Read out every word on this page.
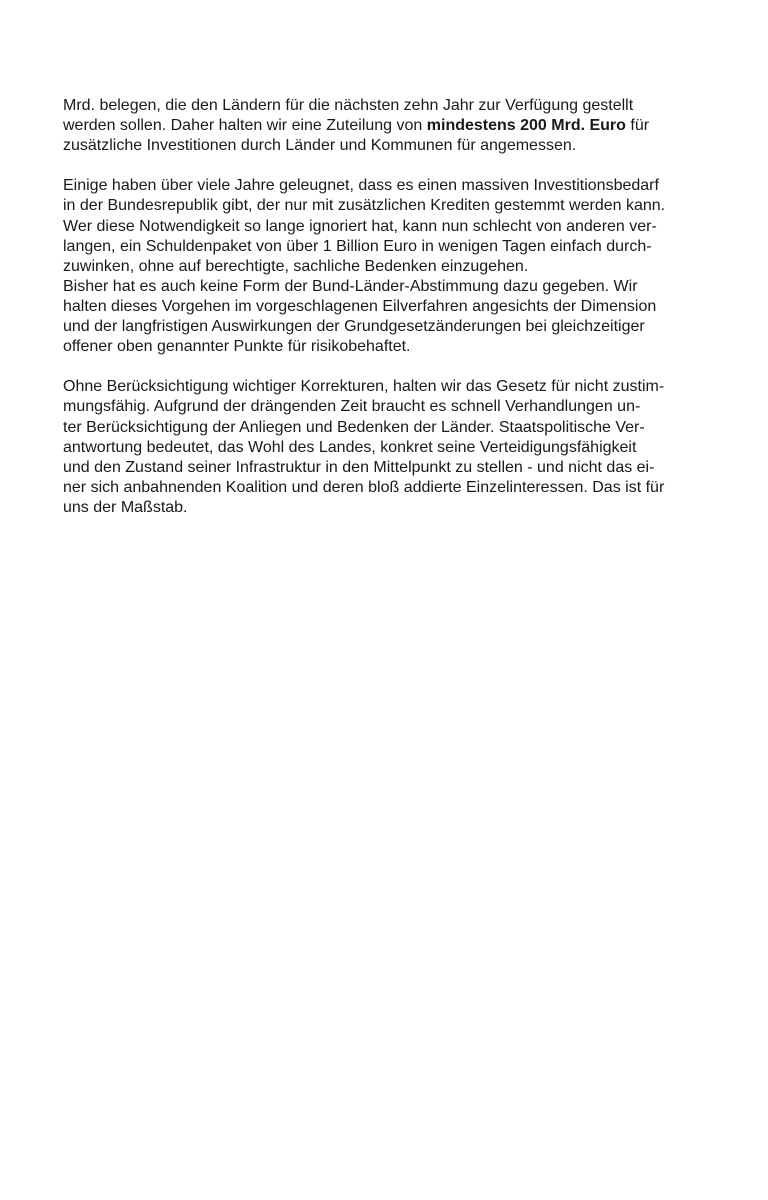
Mrd. belegen, die den Ländern für die nächsten zehn Jahr zur Verfügung gestellt
werden sollen. Daher halten wir eine Zuteilung von mindestens 200 Mrd. Euro für
zusätzliche Investitionen durch Länder und Kommunen für angemessen.

Einige haben über viele Jahre geleugnet, dass es einen massiven Investitionsbedarf
in der Bundesrepublik gibt, der nur mit zusätzlichen Krediten gestemmt werden kann.
Wer diese Notwendigkeit so lange ignoriert hat, kann nun schlecht von anderen ver-
langen, ein Schuldenpaket von über 1 Billion Euro in wenigen Tagen einfach durch-
zuwinken, ohne auf berechtigte, sachliche Bedenken einzugehen.
Bisher hat es auch keine Form der Bund-Länder-Abstimmung dazu gegeben. Wir
halten dieses Vorgehen im vorgeschlagenen Eilverfahren angesichts der Dimension
und der langfristigen Auswirkungen der Grundgesetzänderungen bei gleichzeitiger
offener oben genannter Punkte für risikobehaftet.

Ohne Berücksichtigung wichtiger Korrekturen, halten wir das Gesetz für nicht zustim-
mungsfähig. Aufgrund der drängenden Zeit braucht es schnell Verhandlungen un-
ter Berücksichtigung der Anliegen und Bedenken der Länder. Staatspolitische Ver-
antwortung bedeutet, das Wohl des Landes, konkret seine Verteidigungsfähigkeit
und den Zustand seiner Infrastruktur in den Mittelpunkt zu stellen - und nicht das ei-
ner sich anbahnenden Koalition und deren bloß addierte Einzelinteressen. Das ist für
uns der Maßstab.
